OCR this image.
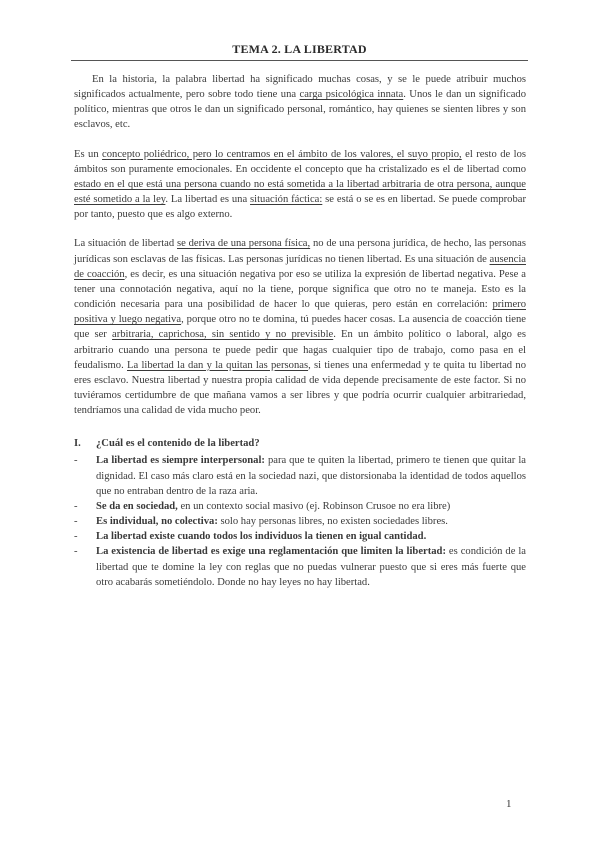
TEMA 2. LA LIBERTAD

En la historia, la palabra libertad ha significado muchas cosas, y se le puede atribuir muchos significados actualmente, pero sobre todo tiene una carga psicológica innata. Unos le dan un significado político, mientras que otros le dan un significado personal, romántico, hay quienes se sienten libres y son esclavos, etc.

Es un concepto poliédrico, pero lo centramos en el ámbito de los valores, el suyo propio, el resto de los ámbitos son puramente emocionales. En occidente el concepto que ha cristalizado es el de libertad como estado en el que está una persona cuando no está sometida a la libertad arbitraria de otra persona, aunque esté sometido a la ley. La libertad es una situación fáctica: se está o se es en libertad. Se puede comprobar por tanto, puesto que es algo externo.

La situación de libertad se deriva de una persona física, no de una persona jurídica, de hecho, las personas jurídicas son esclavas de las físicas. Las personas jurídicas no tienen libertad. Es una situación de ausencia de coacción, es decir, es una situación negativa por eso se utiliza la expresión de libertad negativa. Pese a tener una connotación negativa, aquí no la tiene, porque significa que otro no te maneja. Esto es la condición necesaria para una posibilidad de hacer lo que quieras, pero están en correlación: primero positiva y luego negativa, porque otro no te domina, tú puedes hacer cosas. La ausencia de coacción tiene que ser arbitraria, caprichosa, sin sentido y no previsible. En un ámbito político o laboral, algo es arbitrario cuando una persona te puede pedir que hagas cualquier tipo de trabajo, como pasa en el feudalismo. La libertad la dan y la quitan las personas, si tienes una enfermedad y te quita tu libertad no eres esclavo. Nuestra libertad y nuestra propia calidad de vida depende precisamente de este factor. Si no tuviéramos certidumbre de que mañana vamos a ser libres y que podría ocurrir cualquier arbitrariedad, tendríamos una calidad de vida mucho peor.

I.	¿Cuál es el contenido de la libertad?
-	La libertad es siempre interpersonal: para que te quiten la libertad, primero te tienen que quitar la dignidad. El caso más claro está en la sociedad nazi, que distorsionaba la identidad de todos aquellos que no entraban dentro de la raza aria.
-	Se da en sociedad, en un contexto social masivo (ej. Robinson Crusoe no era libre)
-	Es individual, no colectiva: solo hay personas libres, no existen sociedades libres.
-	La libertad existe cuando todos los individuos la tienen en igual cantidad.
-	La existencia de libertad es exige una reglamentación que limiten la libertad: es condición de la libertad que te domine la ley con reglas que no puedas vulnerar puesto que si eres más fuerte que otro acabarás sometiéndolo. Donde no hay leyes no hay libertad.
1
